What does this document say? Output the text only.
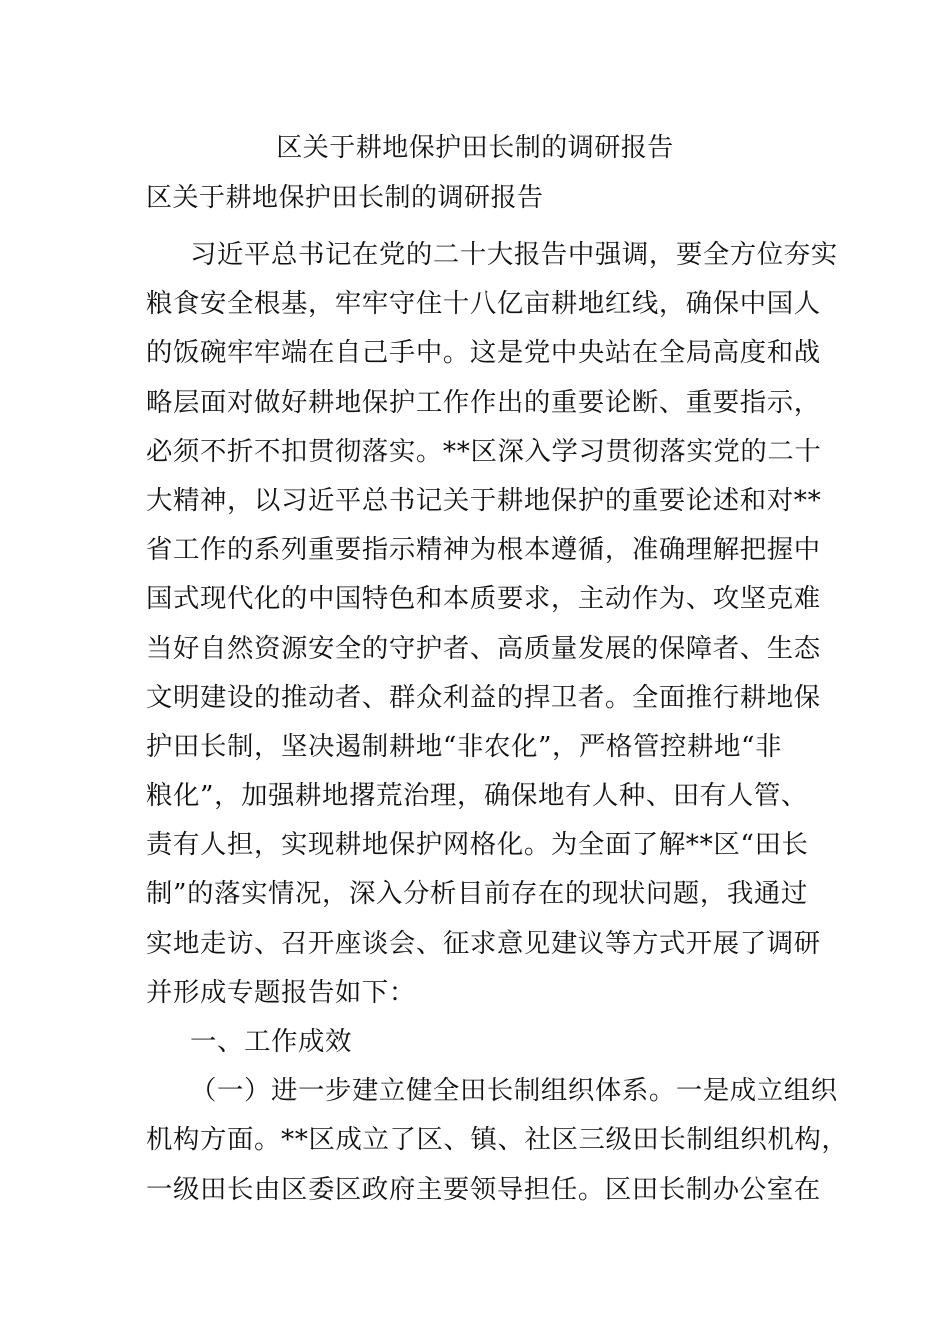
区关于耕地保护田长制的调研报告
区关于耕地保护田长制的调研报告
习近平总书记在党的二十大报告中强调，要全方位夯实
粮食安全根基，牢牢守住十八亿亩耕地红线，确保中国人
的饭碗牢牢端在自己手中。这是党中央站在全局高度和战
略层面对做好耕地保护工作作出的重要论断、重要指示，
必须不折不扣贯彻落实。**区深入学习贯彻落实党的二十
大精神，以习近平总书记关于耕地保护的重要论述和对**
省工作的系列重要指示精神为根本遵循，准确理解把握中
国式现代化的中国特色和本质要求，主动作为、攻坚克难
当好自然资源安全的守护者、高质量发展的保障者、生态
文明建设的推动者、群众利益的捍卫者。全面推行耕地保
护田长制，坚决遏制耕地“非农化”，严格管控耕地“非
粮化”，加强耕地撂荒治理，确保地有人种、田有人管、
责有人担，实现耕地保护网格化。为全面了解**区“田长
制”的落实情况，深入分析目前存在的现状问题，我通过
实地走访、召开座谈会、征求意见建议等方式开展了调研
并形成专题报告如下：
一、工作成效
（一）进一步建立健全田长制组织体系。一是成立组织
机构方面。**区成立了区、镇、社区三级田长制组织机构，
一级田长由区委区政府主要领导担任。区田长制办公室在
